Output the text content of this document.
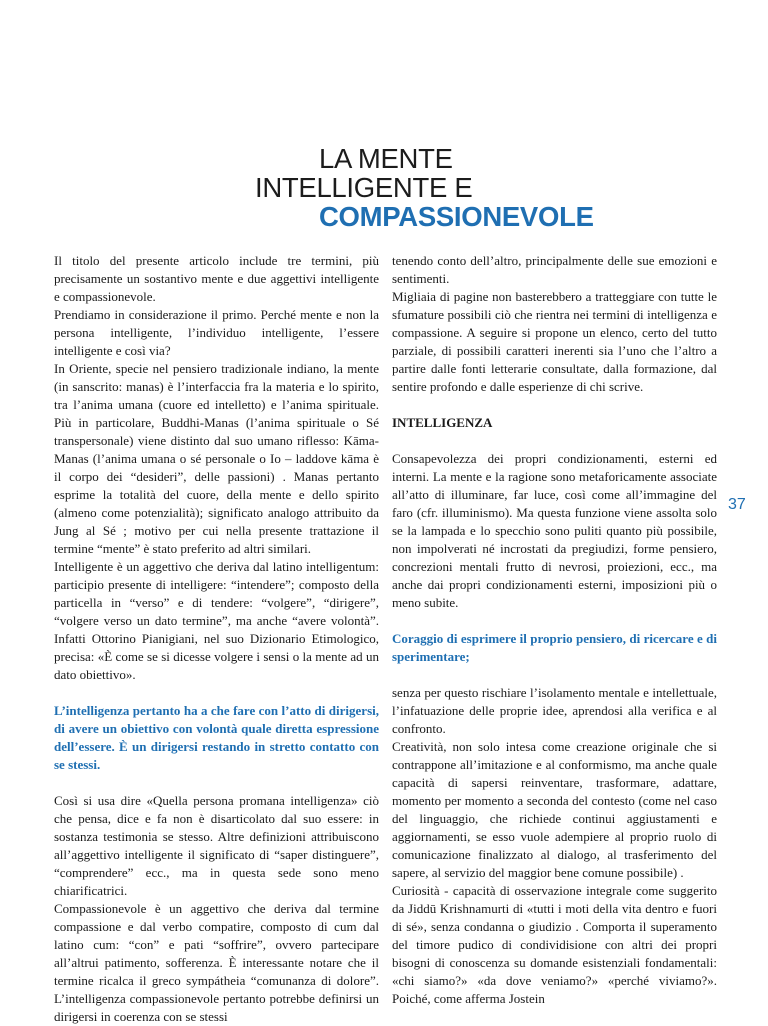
LA MENTE
INTELLIGENTE E
COMPASSIONEVOLE

Il titolo del presente articolo include tre termini, più precisamente un sostantivo mente e due aggettivi intelligente e compassionevole.

Prendiamo in considerazione il primo. Perché mente e non la persona intelligente, l’individuo intelligente, l’essere intelligente e così via?

In Oriente, specie nel pensiero tradizionale indiano, la mente (in sanscrito: manas) è l’interfaccia fra la materia e lo spirito, tra l’anima umana (cuore ed intelletto) e l’anima spirituale. Più in particolare, Buddhi-Manas (l’anima spirituale o Sé transpersonale) viene distinto dal suo umano riflesso: Kāma-Manas (l’anima umana o sé personale o Io – laddove kāma è il corpo dei “desideri”, delle passioni) . Manas pertanto esprime la totalità del cuore, della mente e dello spirito (almeno come potenzialità); significato analogo attribuito da Jung al Sé ; motivo per cui nella presente trattazione il termine “mente” è stato preferito ad altri similari.

Intelligente è un aggettivo che deriva dal latino intelligentum: participio presente di intelligere: “intendere”; composto della particella in “verso” e di tendere: “volgere”, “dirigere”, “volgere verso un dato termine”, ma anche “avere volontà”. Infatti Ottorino Pianigiani, nel suo Dizionario Etimologico, precisa: «È come se si dicesse volgere i sensi o la mente ad un dato obiettivo».

L’intelligenza pertanto ha a che fare con l’atto di dirigersi, di avere un obiettivo con volontà quale diretta espressione dell’essere. È un dirigersi restando in stretto contatto con se stessi.

Così si usa dire «Quella persona promana intelligenza» ciò che pensa, dice e fa non è disarticolato dal suo essere: in sostanza testimonia se stesso. Altre definizioni attribuiscono all’aggettivo intelligente il significato di “saper distinguere”, “comprendere” ecc., ma in questa sede sono meno chiarificatrici.

Compassionevole è un aggettivo che deriva dal termine compassione e dal verbo compatire, composto di cum dal latino cum: “con” e pati “soffrire”, ovvero partecipare all’altrui patimento, sofferenza. È interessante notare che il termine ricalca il greco sympátheia “comunanza di dolore”. L’intelligenza compassionevole pertanto potrebbe definirsi un dirigersi in coerenza con se stessi

tenendo conto dell’altro, principalmente delle sue emozioni e sentimenti.

Migliaia di pagine non basterebbero a tratteggiare con tutte le sfumature possibili ciò che rientra nei termini di intelligenza e compassione. A seguire si propone un elenco, certo del tutto parziale, di possibili caratteri inerenti sia l’uno che l’altro a partire dalle fonti letterarie consultate, dalla formazione, dal sentire profondo e dalle esperienze di chi scrive.

INTELLIGENZA

Consapevolezza dei propri condizionamenti, esterni ed interni. La mente e la ragione sono metaforicamente associate all’atto di illuminare, far luce, così come all’immagine del faro (cfr. illuminismo). Ma questa funzione viene assolta solo se la lampada e lo specchio sono puliti quanto più possibile, non impolverati né incrostati da pregiudizi, forme pensiero, concrezioni mentali frutto di nevrosi, proiezioni, ecc., ma anche dai propri condizionamenti esterni, imposizioni più o meno subite.

Coraggio di esprimere il proprio pensiero, di ricercare e di sperimentare;

senza per questo rischiare l’isolamento mentale e intellettuale, l’infatuazione delle proprie idee, aprendosi alla verifica e al confronto.

Creatività, non solo intesa come creazione originale che si contrappone all’imitazione e al conformismo, ma anche quale capacità di sapersi reinventare, trasformare, adattare, momento per momento a seconda del contesto (come nel caso del linguaggio, che richiede continui aggiustamenti e aggiornamenti, se esso vuole adempiere al proprio ruolo di comunicazione finalizzato al dialogo, al trasferimento del sapere, al servizio del maggior bene comune possibile) .

Curiosità - capacità di osservazione integrale come suggerito da Jiddū Krishnamurti di «tutti i moti della vita dentro e fuori di sé», senza condanna o giudizio . Comporta il superamento del timore pudico di condividisione con altri dei propri bisogni di conoscenza su domande esistenziali fondamentali: «chi siamo?» «da dove veniamo?» «perché viviamo?». Poiché, come afferma Jostein

37
